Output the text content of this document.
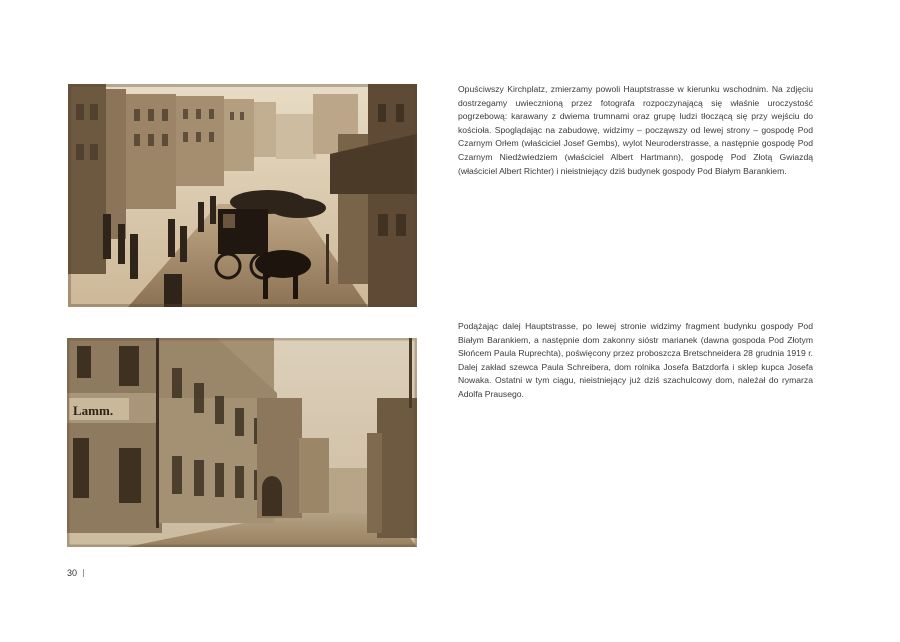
Opuściwszy Kirchplatz, zmierzamy powoli Hauptstrasse w kierunku wschodnim. Na zdjęciu dostrzegamy uwiecznioną przez fotografa rozpoczynającą się właśnie uroczystość pogrzebową: karawany z dwiema trumnami oraz grupę ludzi tłoczącą się przy wejściu do kościoła. Spoglądając na zabudowę, widzimy – począwszy od lewej strony – gospodę Pod Czarnym Orłem (właściciel Josef Gembs), wylot Neuroderstrasse, a następnie gospodę Pod Czarnym Niedźwiedziem (właściciel Albert Hartmann), gospodę Pod Złotą Gwiazdą (właściciel Albert Richter) i nieistniejący dziś budynek gospody Pod Białym Barankiem.

Lamm.

Podążając dalej Hauptstrasse, po lewej stronie widzimy fragment budynku gospody Pod Białym Barankiem, a następnie dom zakonny sióstr marianek (dawna gospoda Pod Złotym Słońcem Paula Ruprechta), poświęcony przez proboszcza Bretschneidera 28 grudnia 1919 r. Dalej zakład szewca Paula Schreibera, dom rolnika Josefa Batzdorfa i sklep kupca Josefa Nowaka. Ostatni w tym ciągu, nieistniejący już dziś szachulcowy dom, należał do rymarza Adolfa Prausego.

30
